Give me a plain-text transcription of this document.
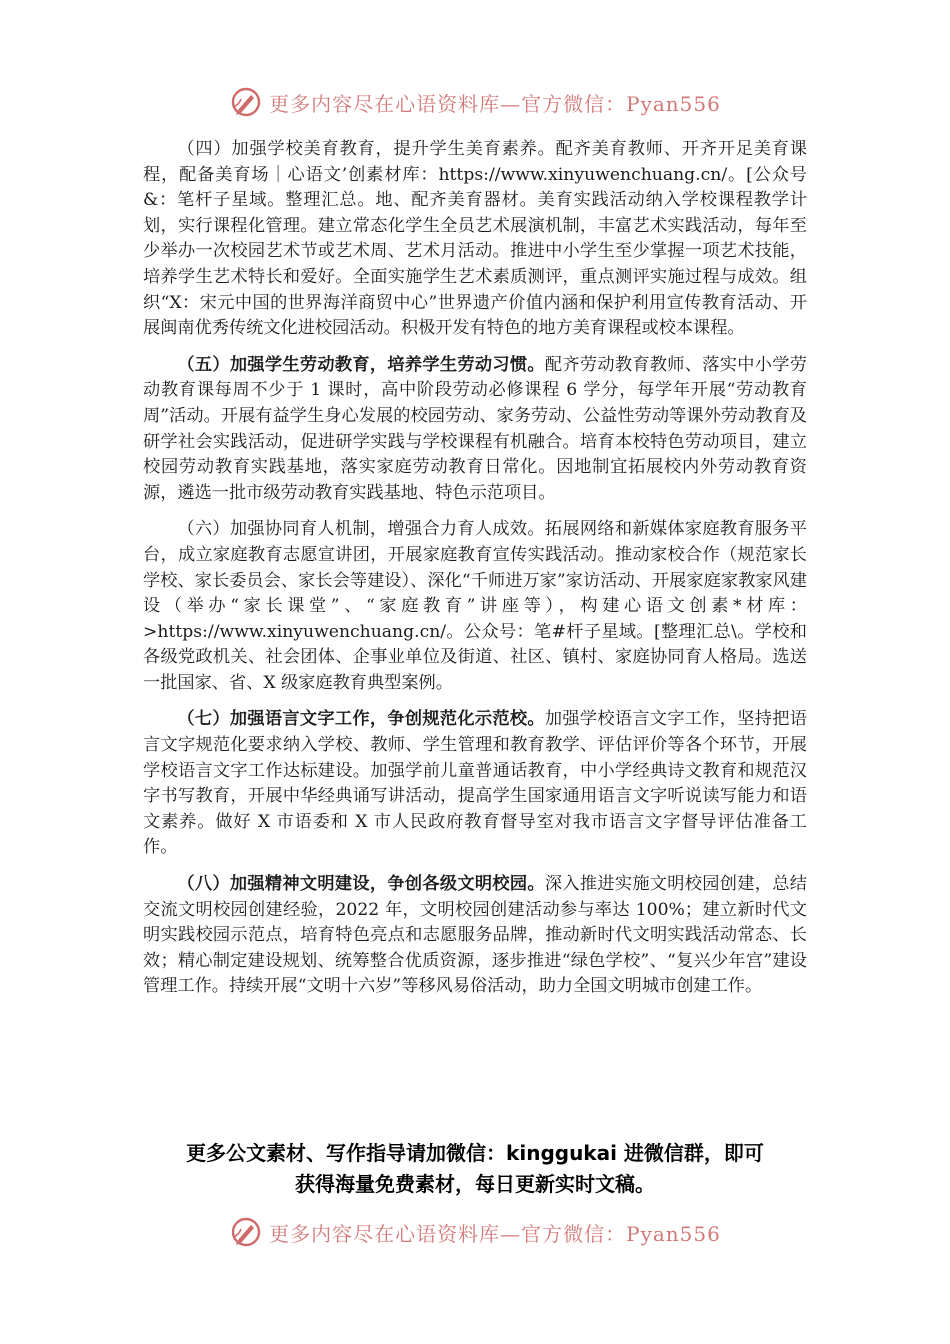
更多内容尽在心语资料库—官方微信：Pyan556

（四）加强学校美育教育，提升学生美育素养。配齐美育教师、开齐开足美育课程，配备美育场｜心语文’创素材库：https://www.xinyuwenchuang.cn/。[公众号&：笔杆子星域。整理汇总。地、配齐美育器材。美育实践活动纳入学校课程教学计划，实行课程化管理。建立常态化学生全员艺术展演机制，丰富艺术实践活动，每年至少举办一次校园艺术节或艺术周、艺术月活动。推进中小学生至少掌握一项艺术技能，培养学生艺术特长和爱好。全面实施学生艺术素质测评，重点测评实施过程与成效。组织“X：宋元中国的世界海洋商贸中心”世界遗产价值内涵和保护利用宣传教育活动、开展闽南优秀传统文化进校园活动。积极开发有特色的地方美育课程或校本课程。

（五）加强学生劳动教育，培养学生劳动习惯。配齐劳动教育教师、落实中小学劳动教育课每周不少于 1 课时，高中阶段劳动必修课程 6 学分，每学年开展“劳动教育周”活动。开展有益学生身心发展的校园劳动、家务劳动、公益性劳动等课外劳动教育及研学社会实践活动，促进研学实践与学校课程有机融合。培育本校特色劳动项目，建立校园劳动教育实践基地，落实家庭劳动教育日常化。因地制宜拓展校内外劳动教育资源，遴选一批市级劳动教育实践基地、特色示范项目。

（六）加强协同育人机制，增强合力育人成效。拓展网络和新媒体家庭教育服务平台，成立家庭教育志愿宣讲团，开展家庭教育宣传实践活动。推动家校合作（规范家长学校、家长委员会、家长会等建设）、深化“千师进万家”家访活动、开展家庭家教家风建设（举办“家长课堂”、“家庭教育”讲座等），构建心语文创素*材库：>https://www.xinyuwenchuang.cn/。公众号：笔#杆子星域。[整理汇总\。学校和各级党政机关、社会团体、企事业单位及街道、社区、镇村、家庭协同育人格局。选送一批国家、省、X 级家庭教育典型案例。

（七）加强语言文字工作，争创规范化示范校。加强学校语言文字工作，坚持把语言文字规范化要求纳入学校、教师、学生管理和教育教学、评估评价等各个环节，开展学校语言文字工作达标建设。加强学前儿童普通话教育，中小学经典诗文教育和规范汉字书写教育，开展中华经典诵写讲活动，提高学生国家通用语言文字听说读写能力和语文素养。做好 X 市语委和 X 市人民政府教育督导室对我市语言文字督导评估准备工作。

（八）加强精神文明建设，争创各级文明校园。深入推进实施文明校园创建，总结交流文明校园创建经验，2022 年，文明校园创建活动参与率达 100%；建立新时代文明实践校园示范点，培育特色亮点和志愿服务品牌，推动新时代文明实践活动常态、长效；精心制定建设规划、统筹整合优质资源，逐步推进“绿色学校”、“复兴少年宫”建设管理工作。持续开展“文明十六岁”等移风易俗活动，助力全国文明城市创建工作。

更多公文素材、写作指导请加微信：kinggukai 进微信群，即可
获得海量免费素材，每日更新实时文稿。
更多内容尽在心语资料库—官方微信：Pyan556
